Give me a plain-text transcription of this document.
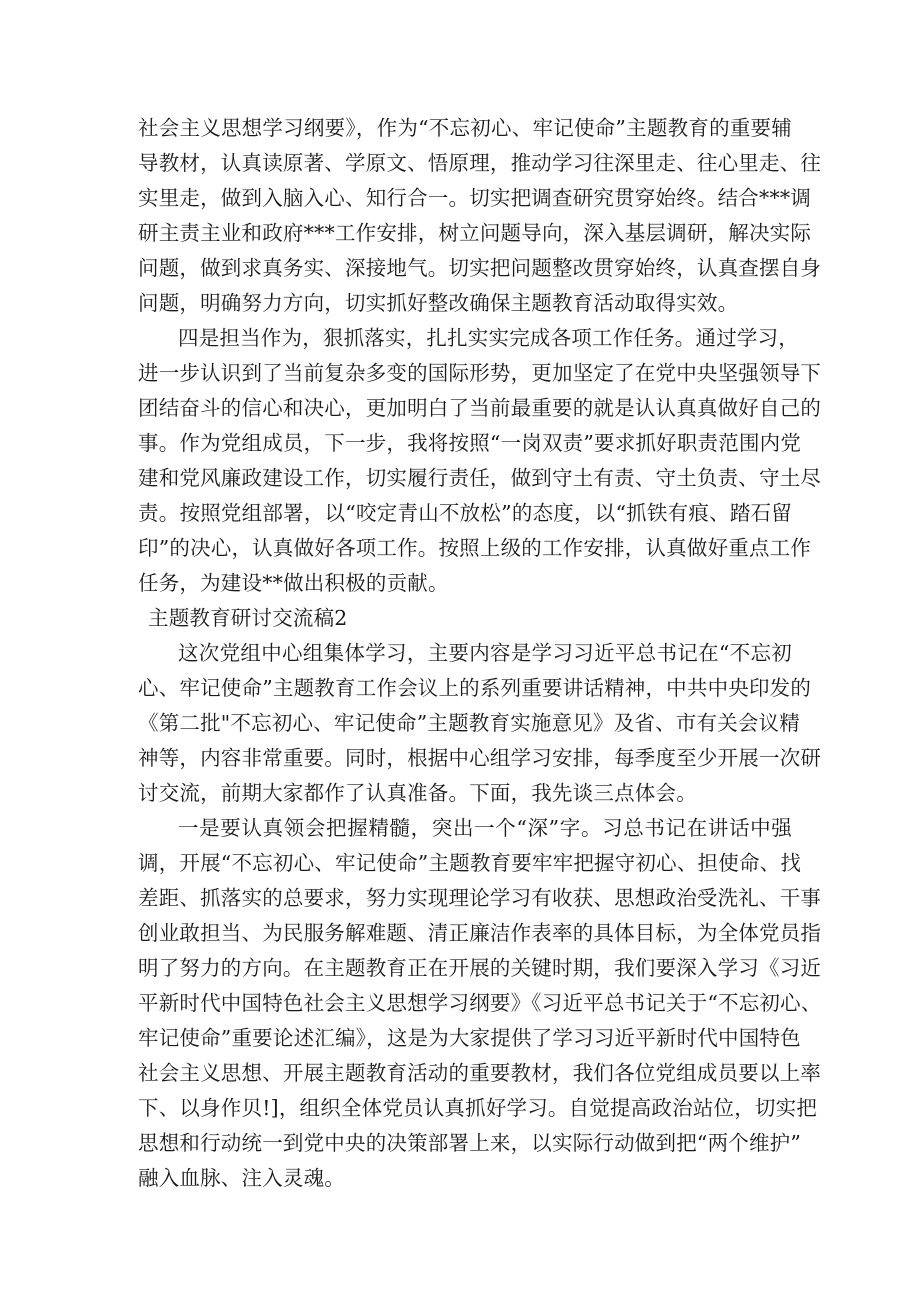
社会主义思想学习纲要》，作为“不忘初心、牢记使命”主题教育的重要辅
导教材，认真读原著、学原文、悟原理，推动学习往深里走、往心里走、往
实里走，做到入脑入心、知行合一。切实把调查研究贯穿始终。结合***调
研主责主业和政府***工作安排，树立问题导向，深入基层调研，解决实际
问题，做到求真务实、深接地气。切实把问题整改贯穿始终，认真查摆自身
问题，明确努力方向，切实抓好整改确保主题教育活动取得实效。
四是担当作为，狠抓落实，扎扎实实完成各项工作任务。通过学习，
进一步认识到了当前复杂多变的国际形势，更加坚定了在党中央坚强领导下
团结奋斗的信心和决心，更加明白了当前最重要的就是认认真真做好自己的
事。作为党组成员，下一步，我将按照“一岗双责”要求抓好职责范围内党
建和党风廉政建设工作，切实履行责任，做到守土有责、守土负责、守土尽
责。按照党组部署，以“咬定青山不放松”的态度，以“抓铁有痕、踏石留
印”的决心，认真做好各项工作。按照上级的工作安排，认真做好重点工作
任务，为建设**做出积极的贡献。
主题教育研讨交流稿2
这次党组中心组集体学习，主要内容是学习习近平总书记在“不忘初
心、牢记使命”主题教育工作会议上的系列重要讲话精神，中共中央印发的
《第二批"不忘初心、牢记使命”主题教育实施意见》及省、市有关会议精
神等，内容非常重要。同时，根据中心组学习安排，每季度至少开展一次研
讨交流，前期大家都作了认真准备。下面，我先谈三点体会。
一是要认真领会把握精髓，突出一个“深”字。习总书记在讲话中强
调，开展“不忘初心、牢记使命”主题教育要牢牢把握守初心、担使命、找
差距、抓落实的总要求，努力实现理论学习有收获、思想政治受洗礼、干事
创业敢担当、为民服务解难题、清正廉洁作表率的具体目标，为全体党员指
明了努力的方向。在主题教育正在开展的关键时期，我们要深入学习《习近
平新时代中国特色社会主义思想学习纲要》《习近平总书记关于“不忘初心、
牢记使命”重要论述汇编》，这是为大家提供了学习习近平新时代中国特色
社会主义思想、开展主题教育活动的重要教材，我们各位党组成员要以上率
下、以身作贝!]，组织全体党员认真抓好学习。自觉提高政治站位，切实把
思想和行动统一到党中央的决策部署上来，以实际行动做到把“两个维护”
融入血脉、注入灵魂。
